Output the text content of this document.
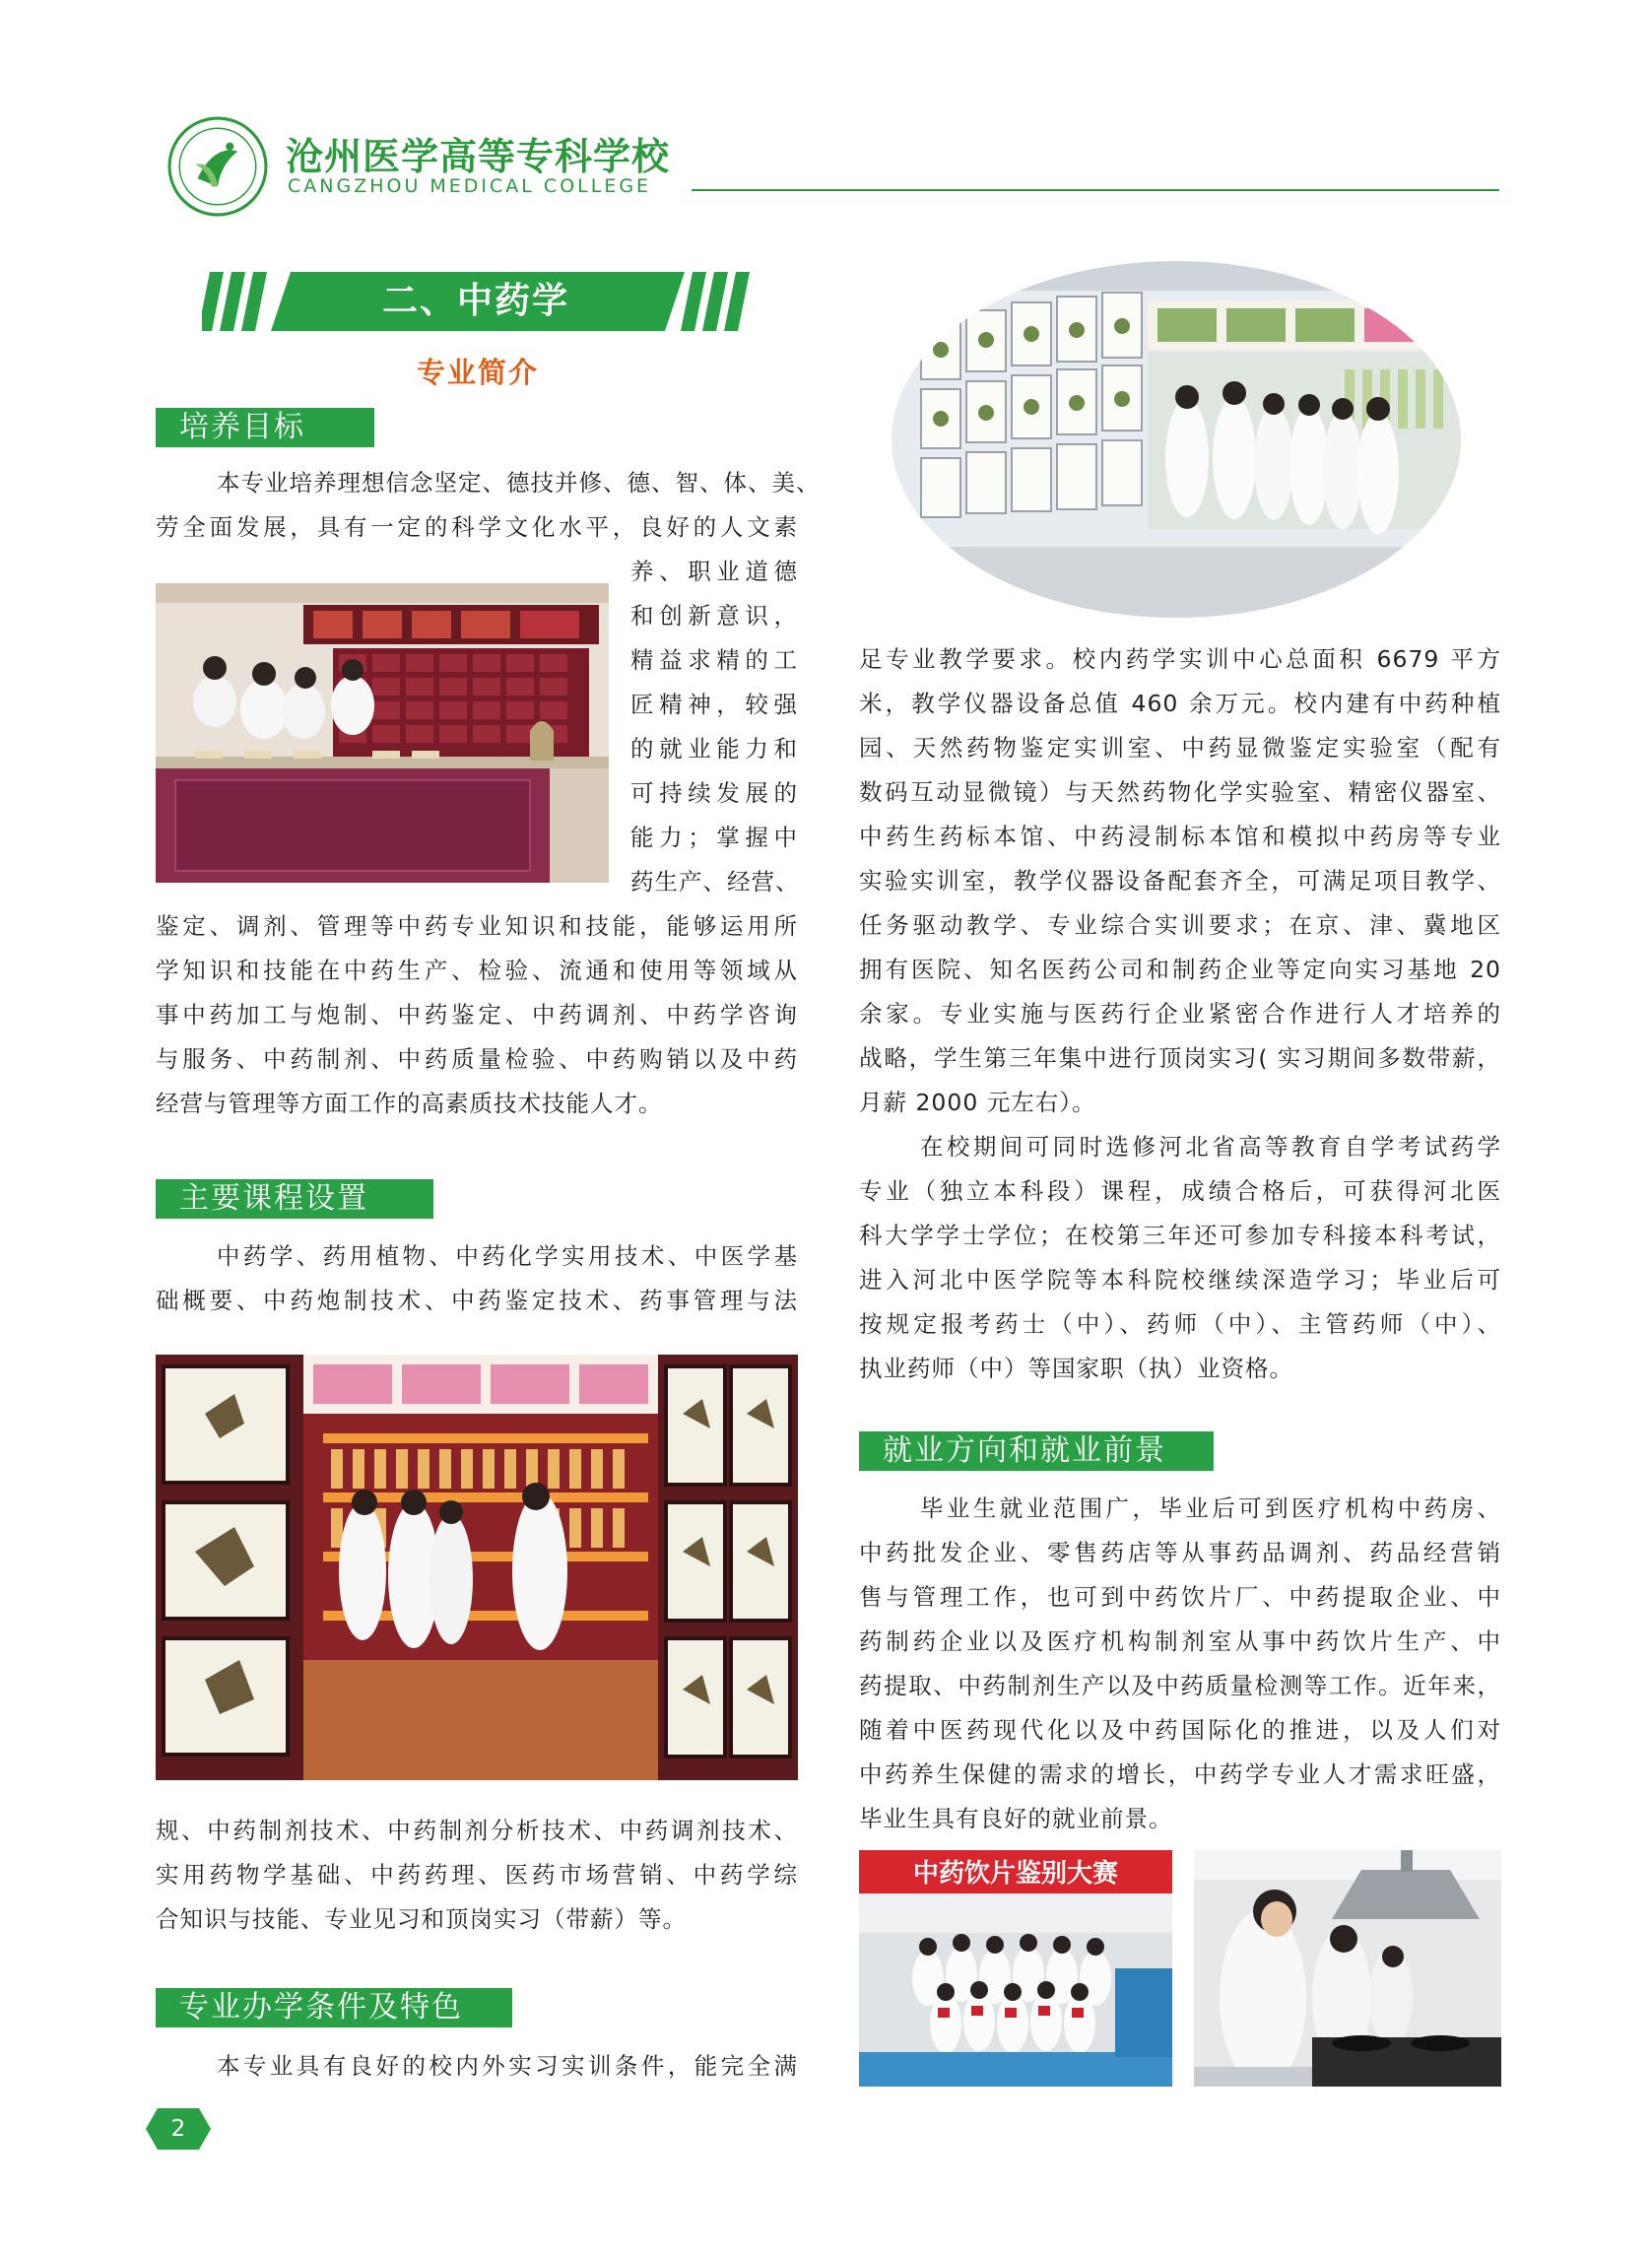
沧州医学高等专科学校
CANGZHOU MEDICAL COLLEGE
二、中药学
专业简介
培养目标
本专业培养理想信念坚定、德技并修、德、智、体、美、
劳全面发展，具有一定的科学文化水平，良好的人文素
养、职业道德
和创新意识，
精益求精的工
匠精神，较强
的就业能力和
可持续发展的
能力；掌握中
药生产、经营、
鉴定、调剂、管理等中药专业知识和技能，能够运用所
学知识和技能在中药生产、检验、流通和使用等领域从
事中药加工与炮制、中药鉴定、中药调剂、中药学咨询
与服务、中药制剂、中药质量检验、中药购销以及中药
经营与管理等方面工作的高素质技术技能人才。
主要课程设置
中药学、药用植物、中药化学实用技术、中医学基
础概要、中药炮制技术、中药鉴定技术、药事管理与法
规、中药制剂技术、中药制剂分析技术、中药调剂技术、
实用药物学基础、中药药理、医药市场营销、中药学综
合知识与技能、专业见习和顶岗实习（带薪）等。
专业办学条件及特色
本专业具有良好的校内外实习实训条件，能完全满
足专业教学要求。校内药学实训中心总面积 6679 平方
米，教学仪器设备总值 460 余万元。校内建有中药种植
园、天然药物鉴定实训室、中药显微鉴定实验室（配有
数码互动显微镜）与天然药物化学实验室、精密仪器室、
中药生药标本馆、中药浸制标本馆和模拟中药房等专业
实验实训室，教学仪器设备配套齐全，可满足项目教学、
任务驱动教学、专业综合实训要求；在京、津、冀地区
拥有医院、知名医药公司和制药企业等定向实习基地 20
余家。专业实施与医药行企业紧密合作进行人才培养的
战略，学生第三年集中进行顶岗实习( 实习期间多数带薪，
月薪 2000 元左右）。
在校期间可同时选修河北省高等教育自学考试药学
专业（独立本科段）课程，成绩合格后，可获得河北医
科大学学士学位；在校第三年还可参加专科接本科考试，
进入河北中医学院等本科院校继续深造学习；毕业后可
按规定报考药士（中）、药师（中）、主管药师（中）、
执业药师（中）等国家职（执）业资格。
就业方向和就业前景
毕业生就业范围广，毕业后可到医疗机构中药房、
中药批发企业、零售药店等从事药品调剂、药品经营销
售与管理工作，也可到中药饮片厂、中药提取企业、中
药制药企业以及医疗机构制剂室从事中药饮片生产、中
药提取、中药制剂生产以及中药质量检测等工作。近年来，
随着中医药现代化以及中药国际化的推进，以及人们对
中药养生保健的需求的增长，中药学专业人才需求旺盛，
毕业生具有良好的就业前景。
中药饮片鉴别大赛
2
